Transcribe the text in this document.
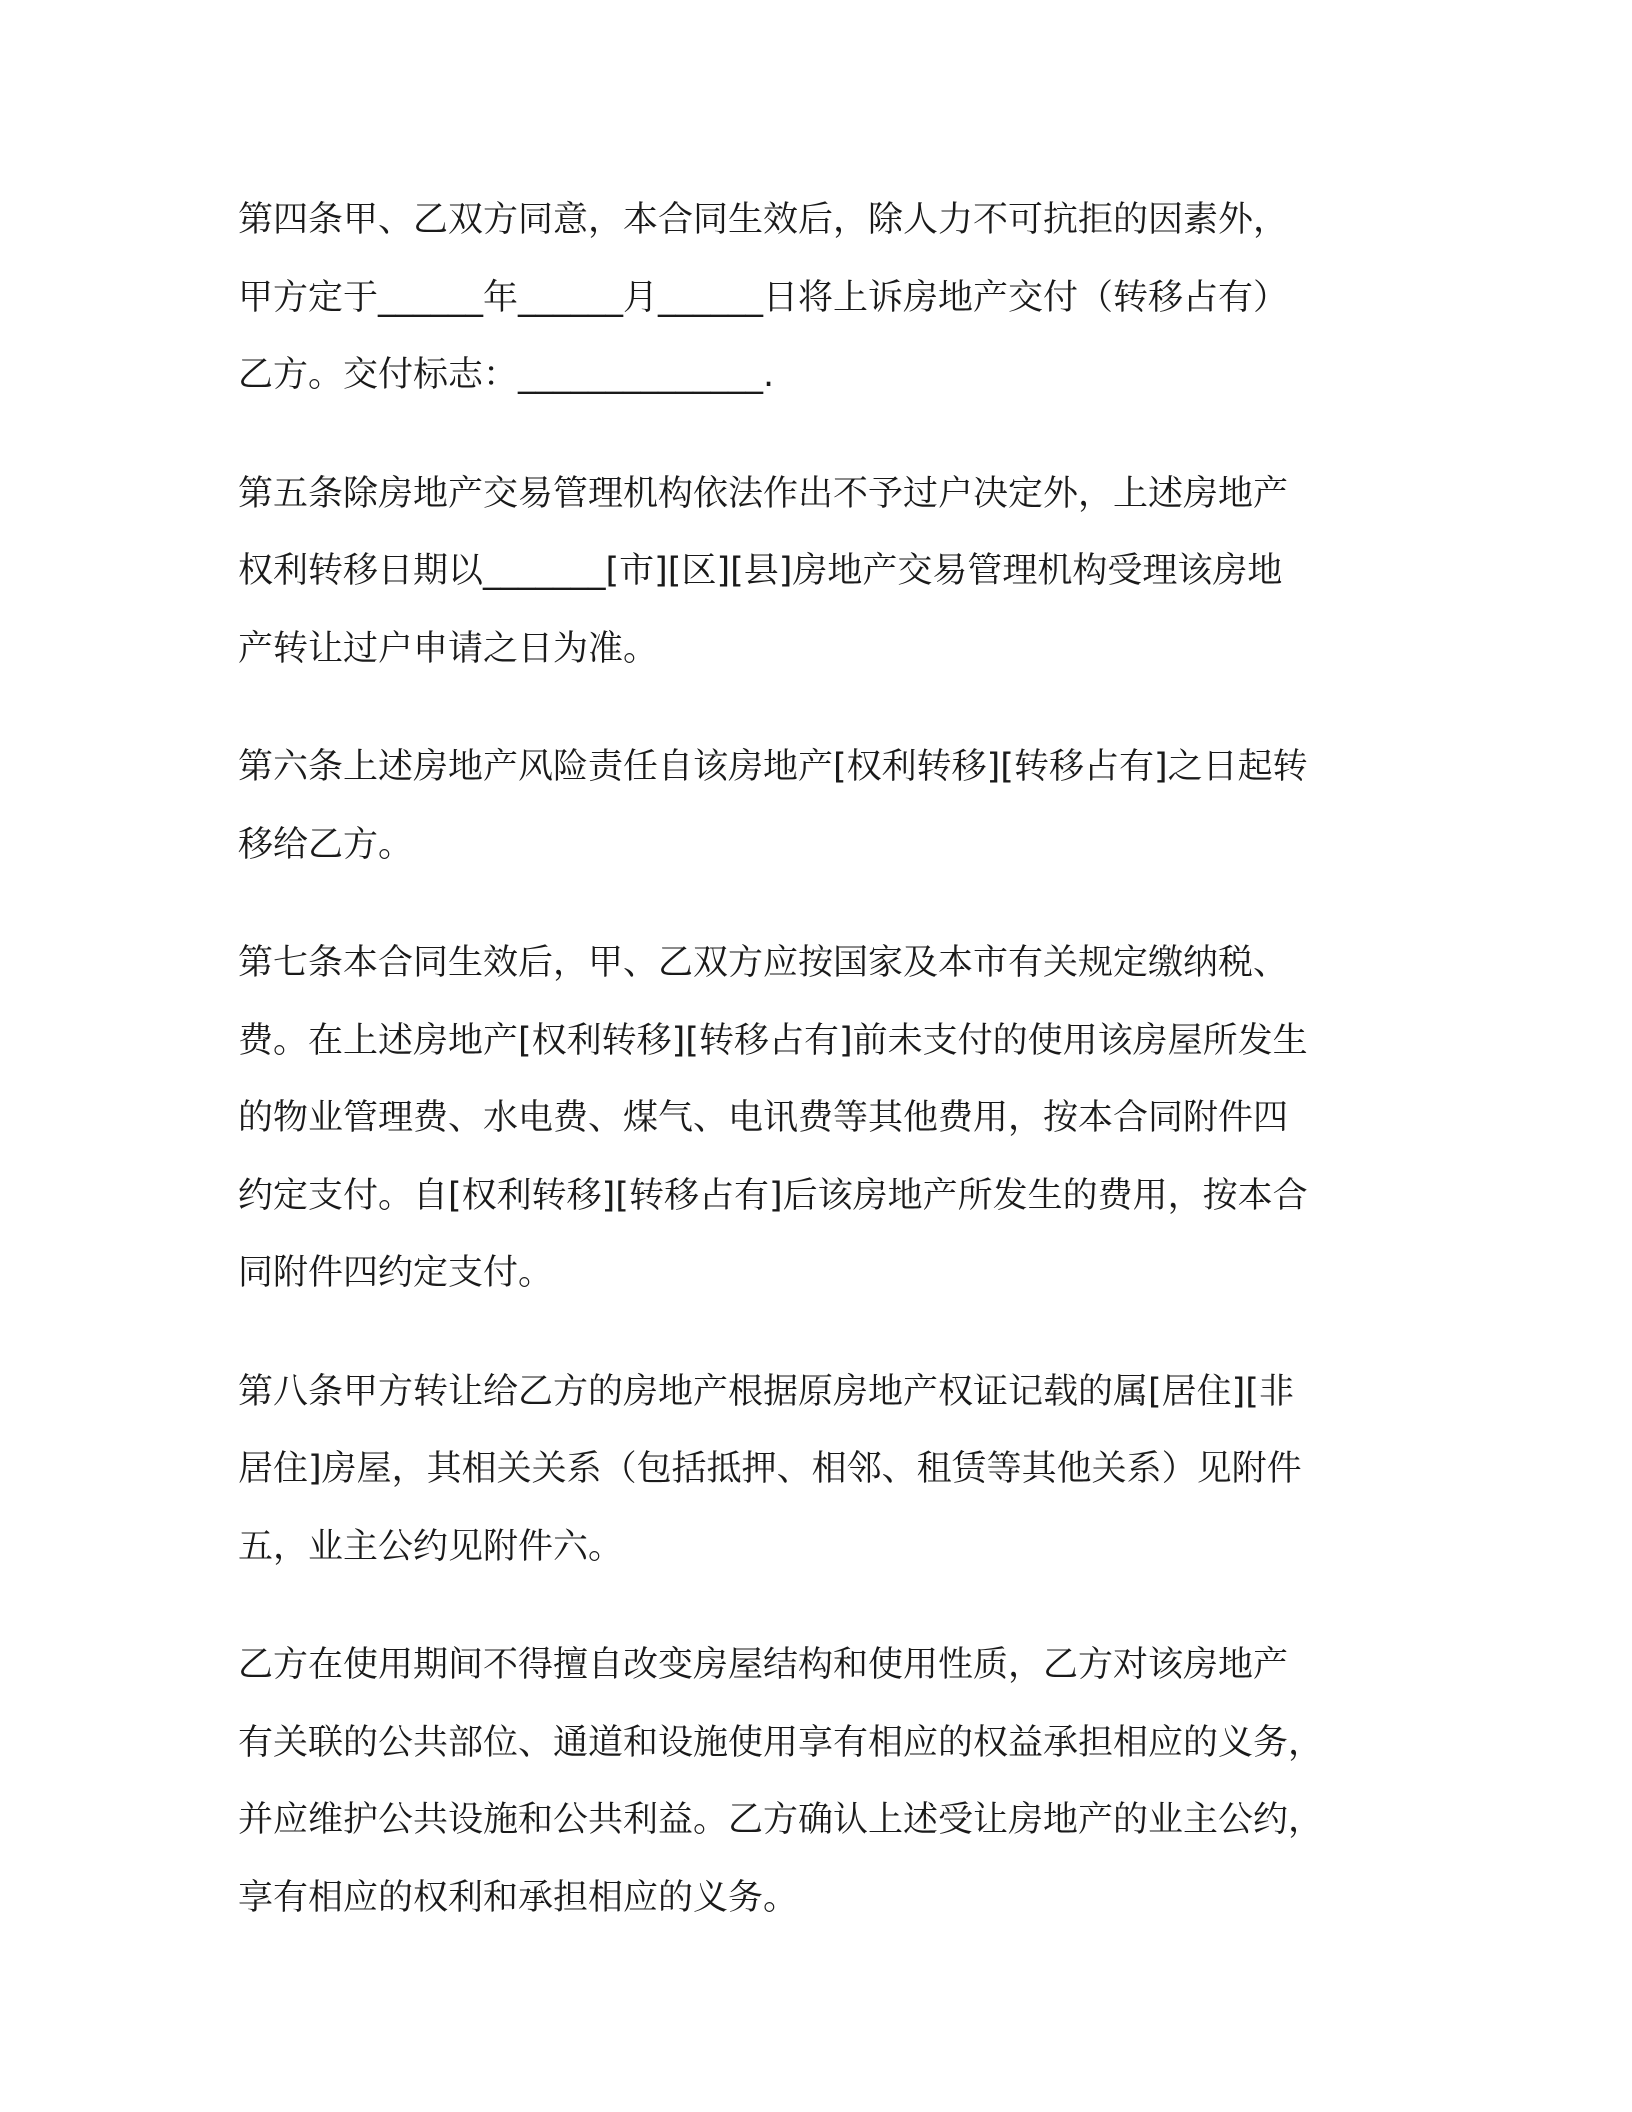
第四条甲、乙双方同意，本合同生效后，除人力不可抗拒的因素外，
甲方定于______年______月______日将上诉房地产交付（转移占有）
乙方。交付标志：______________.

第五条除房地产交易管理机构依法作出不予过户决定外，上述房地产
权利转移日期以_______[市][区][县]房地产交易管理机构受理该房地
产转让过户申请之日为准。

第六条上述房地产风险责任自该房地产[权利转移][转移占有]之日起转
移给乙方。

第七条本合同生效后，甲、乙双方应按国家及本市有关规定缴纳税、
费。在上述房地产[权利转移][转移占有]前未支付的使用该房屋所发生
的物业管理费、水电费、煤气、电讯费等其他费用，按本合同附件四
约定支付。自[权利转移][转移占有]后该房地产所发生的费用，按本合
同附件四约定支付。

第八条甲方转让给乙方的房地产根据原房地产权证记载的属[居住][非
居住]房屋，其相关关系（包括抵押、相邻、租赁等其他关系）见附件
五，业主公约见附件六。

乙方在使用期间不得擅自改变房屋结构和使用性质，乙方对该房地产
有关联的公共部位、通道和设施使用享有相应的权益承担相应的义务，
并应维护公共设施和公共利益。乙方确认上述受让房地产的业主公约，
享有相应的权利和承担相应的义务。
